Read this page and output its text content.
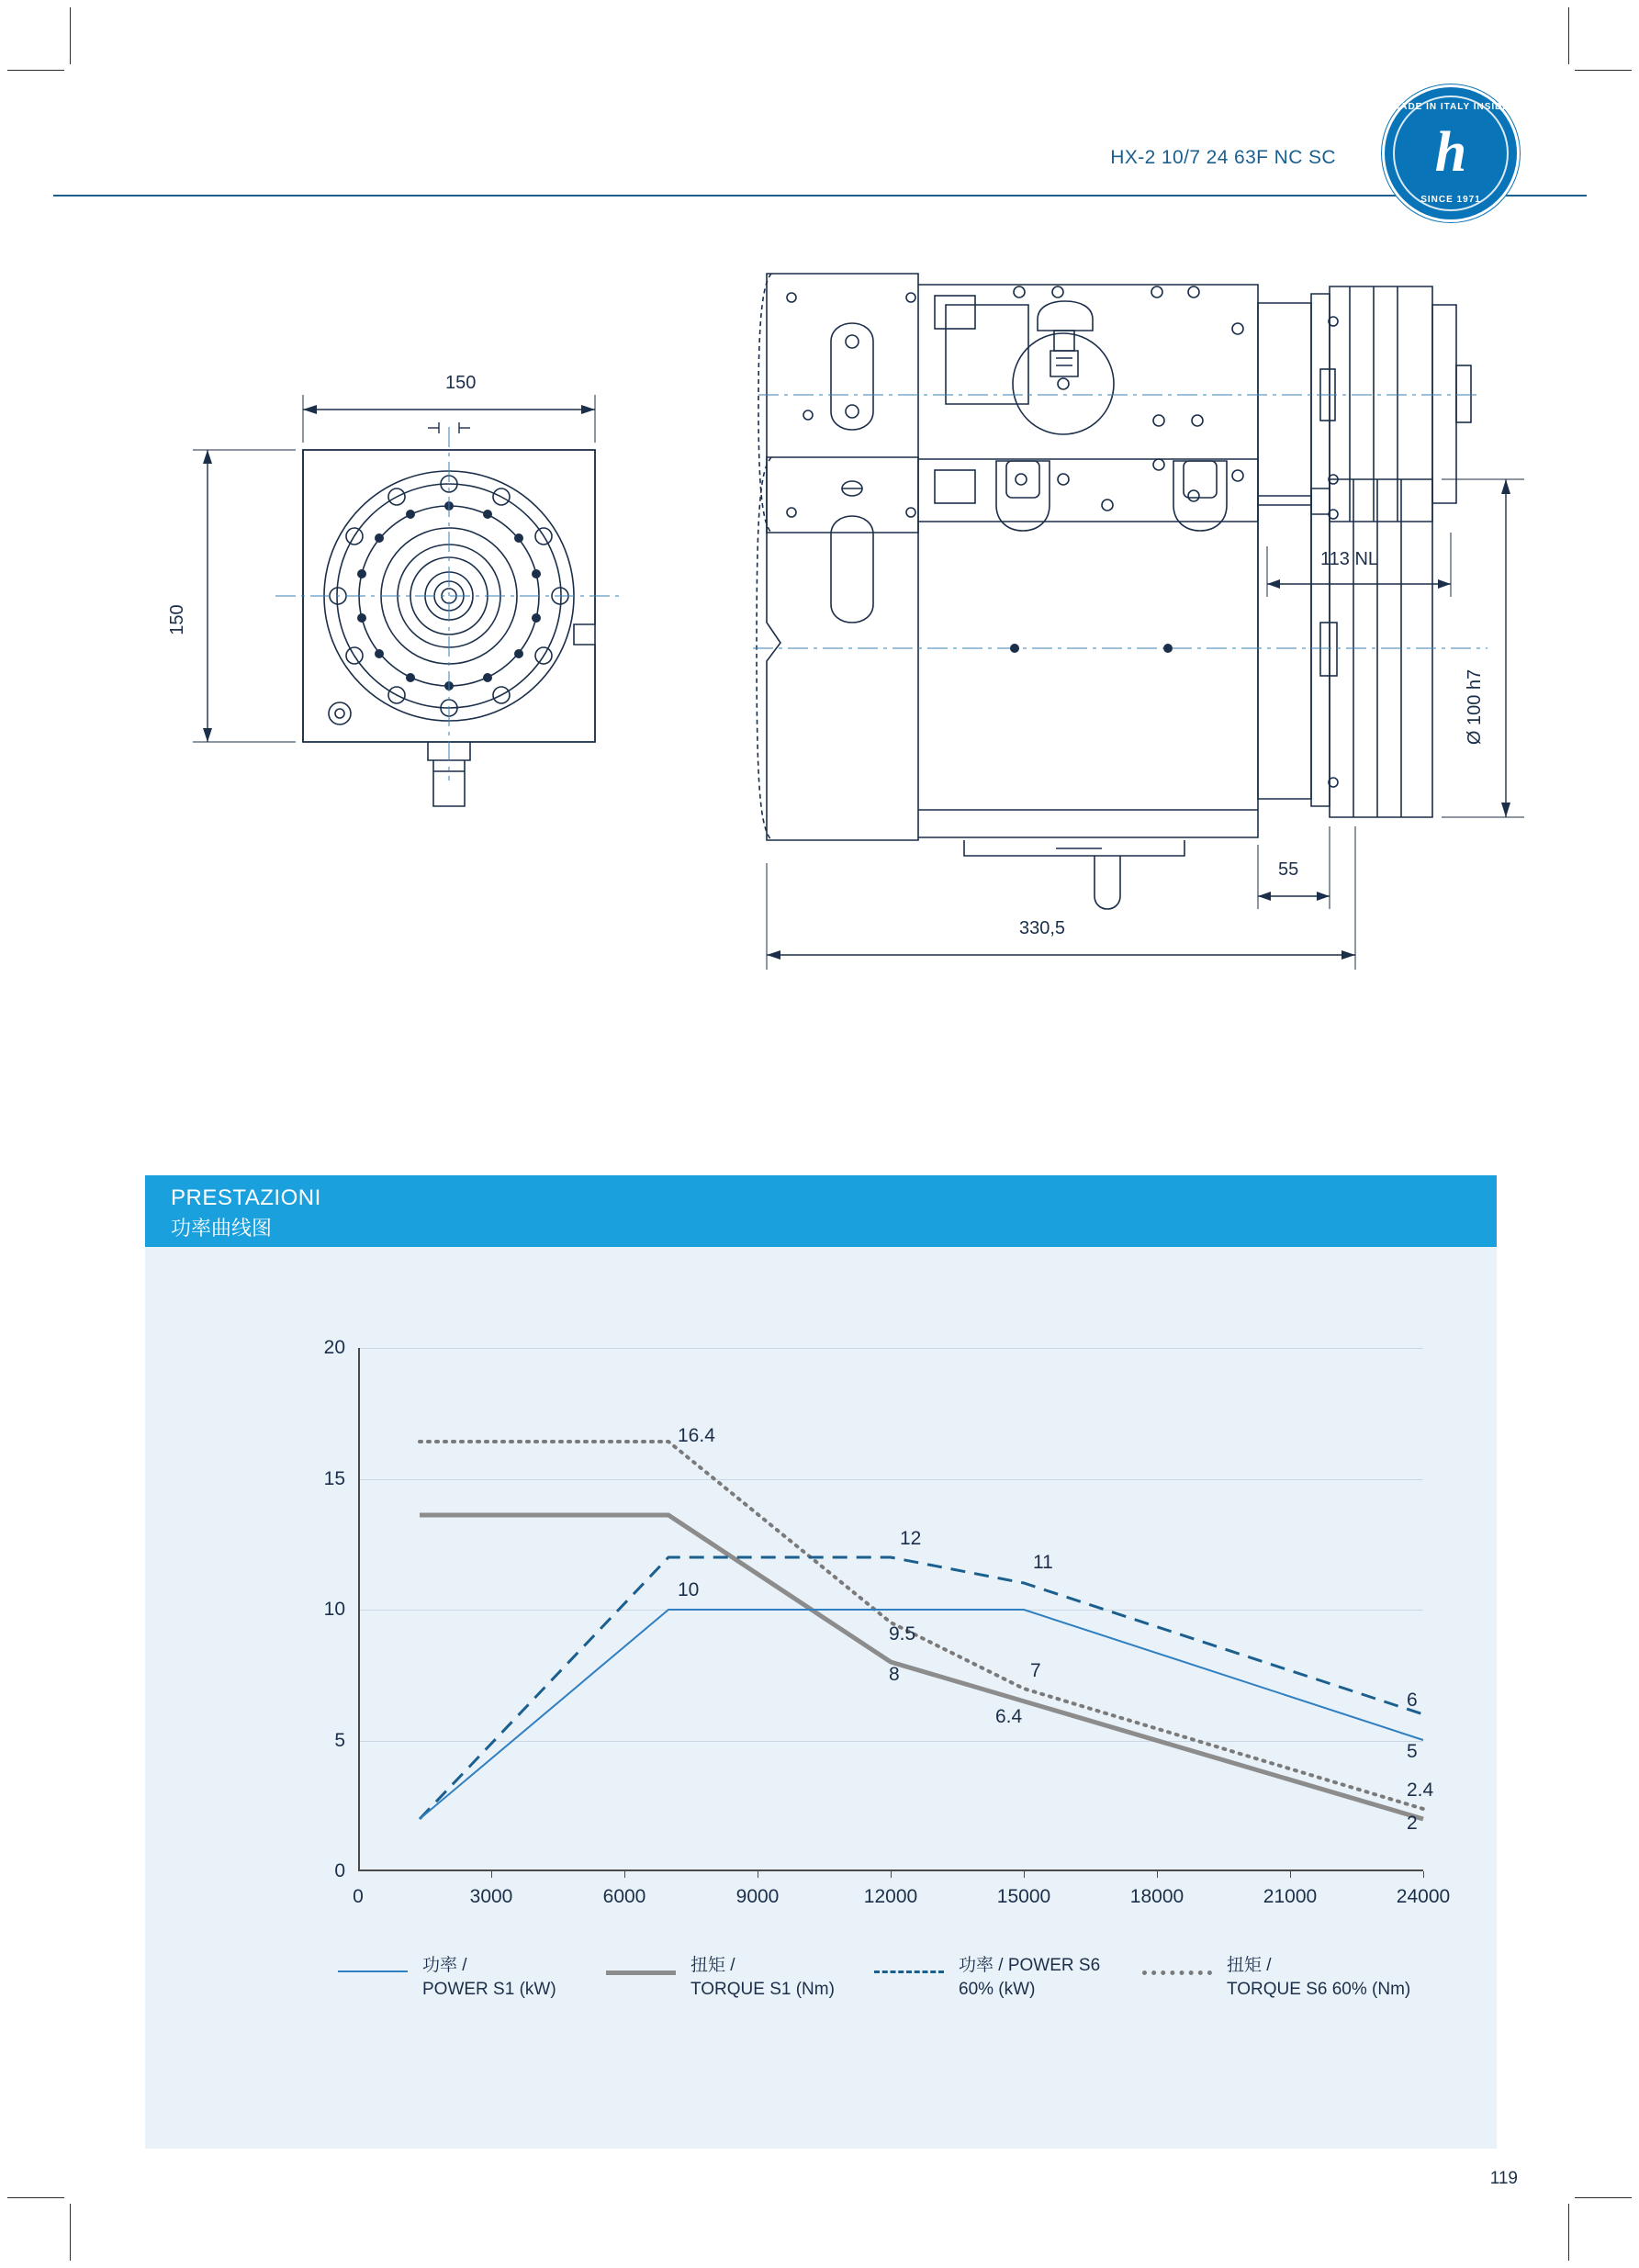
HX-2 10/7 24 63F NC SC
MADE IN ITALY INSIDE
h
SINCE 1971
150
150
113 NL
Ø 100 h7
55
330,5
PRESTAZIONI
功率曲线图
20
15
10
5
0
0	3000	6000	9000	12000	15000	18000	21000	24000
16.4
12
11
10
9.5
8	7
6.4
6
5
2.4
2
功率 /
POWER S1 (kW)
扭矩 /
TORQUE S1 (Nm)
功率 / POWER S6
60% (kW)
扭矩 /
TORQUE S6 60% (Nm)
119
